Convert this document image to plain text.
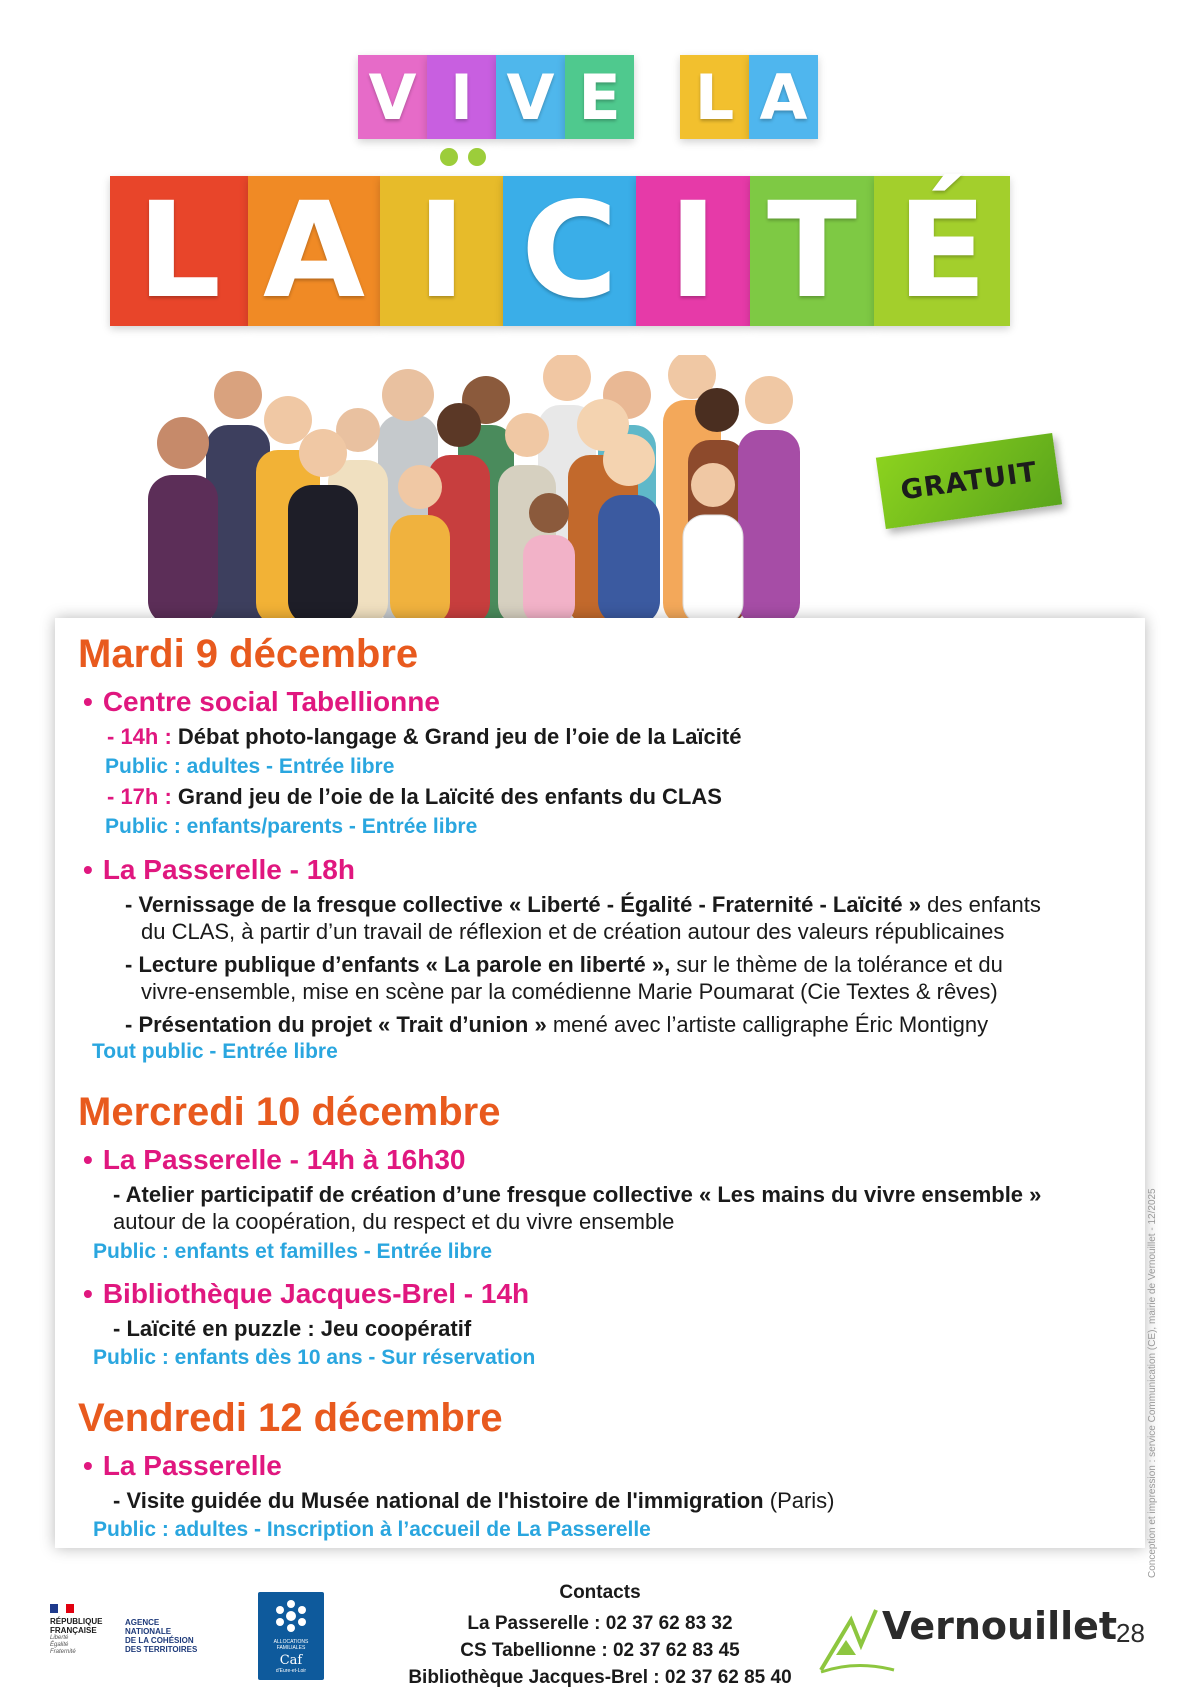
V I V E L A
L A I C I T É
GRATUIT
Mardi 9 décembre
• Centre social Tabellionne
- 14h : Débat photo-langage & Grand jeu de l’oie de la Laïcité
Public : adultes - Entrée libre
- 17h : Grand jeu de l’oie de la Laïcité des enfants du CLAS
Public : enfants/parents - Entrée libre
• La Passerelle - 18h
- Vernissage de la fresque collective « Liberté - Égalité - Fraternité - Laïcité » des enfants
du CLAS, à partir d’un travail de réflexion et de création autour des valeurs républicaines
- Lecture publique d’enfants « La parole en liberté », sur le thème de la tolérance et du
vivre-ensemble, mise en scène par la comédienne Marie Poumarat (Cie Textes & rêves)
- Présentation du projet « Trait d’union » mené avec l’artiste calligraphe Éric Montigny
Tout public - Entrée libre
Mercredi 10 décembre
• La Passerelle - 14h à 16h30
- Atelier participatif de création d’une fresque collective « Les mains du vivre ensemble »
autour de la coopération, du respect et du vivre ensemble
Public : enfants et familles - Entrée libre
• Bibliothèque Jacques-Brel - 14h
- Laïcité en puzzle : Jeu coopératif
Public : enfants dès 10 ans - Sur réservation
Vendredi 12 décembre
• La Passerelle
- Visite guidée du Musée national de l'histoire de l'immigration (Paris)
Public : adultes - Inscription à l’accueil de La Passerelle	Conception et impression : service Communication (CE), mairie de Vernouillet - 12/2025
RÉPUBLIQUE
FRANÇAISE
Liberté
Égalité
Fraternité
AGENCE
NATIONALE
DE LA COHÉSION
DES TERRITOIRES
ALLOCATIONS
FAMILIALES
Caf
d'Eure-et-Loir
Contacts
La Passerelle : 02 37 62 83 32
CS Tabellionne : 02 37 62 83 45
Bibliothèque Jacques-Brel : 02 37 62 85 40
Vernouillet
28
